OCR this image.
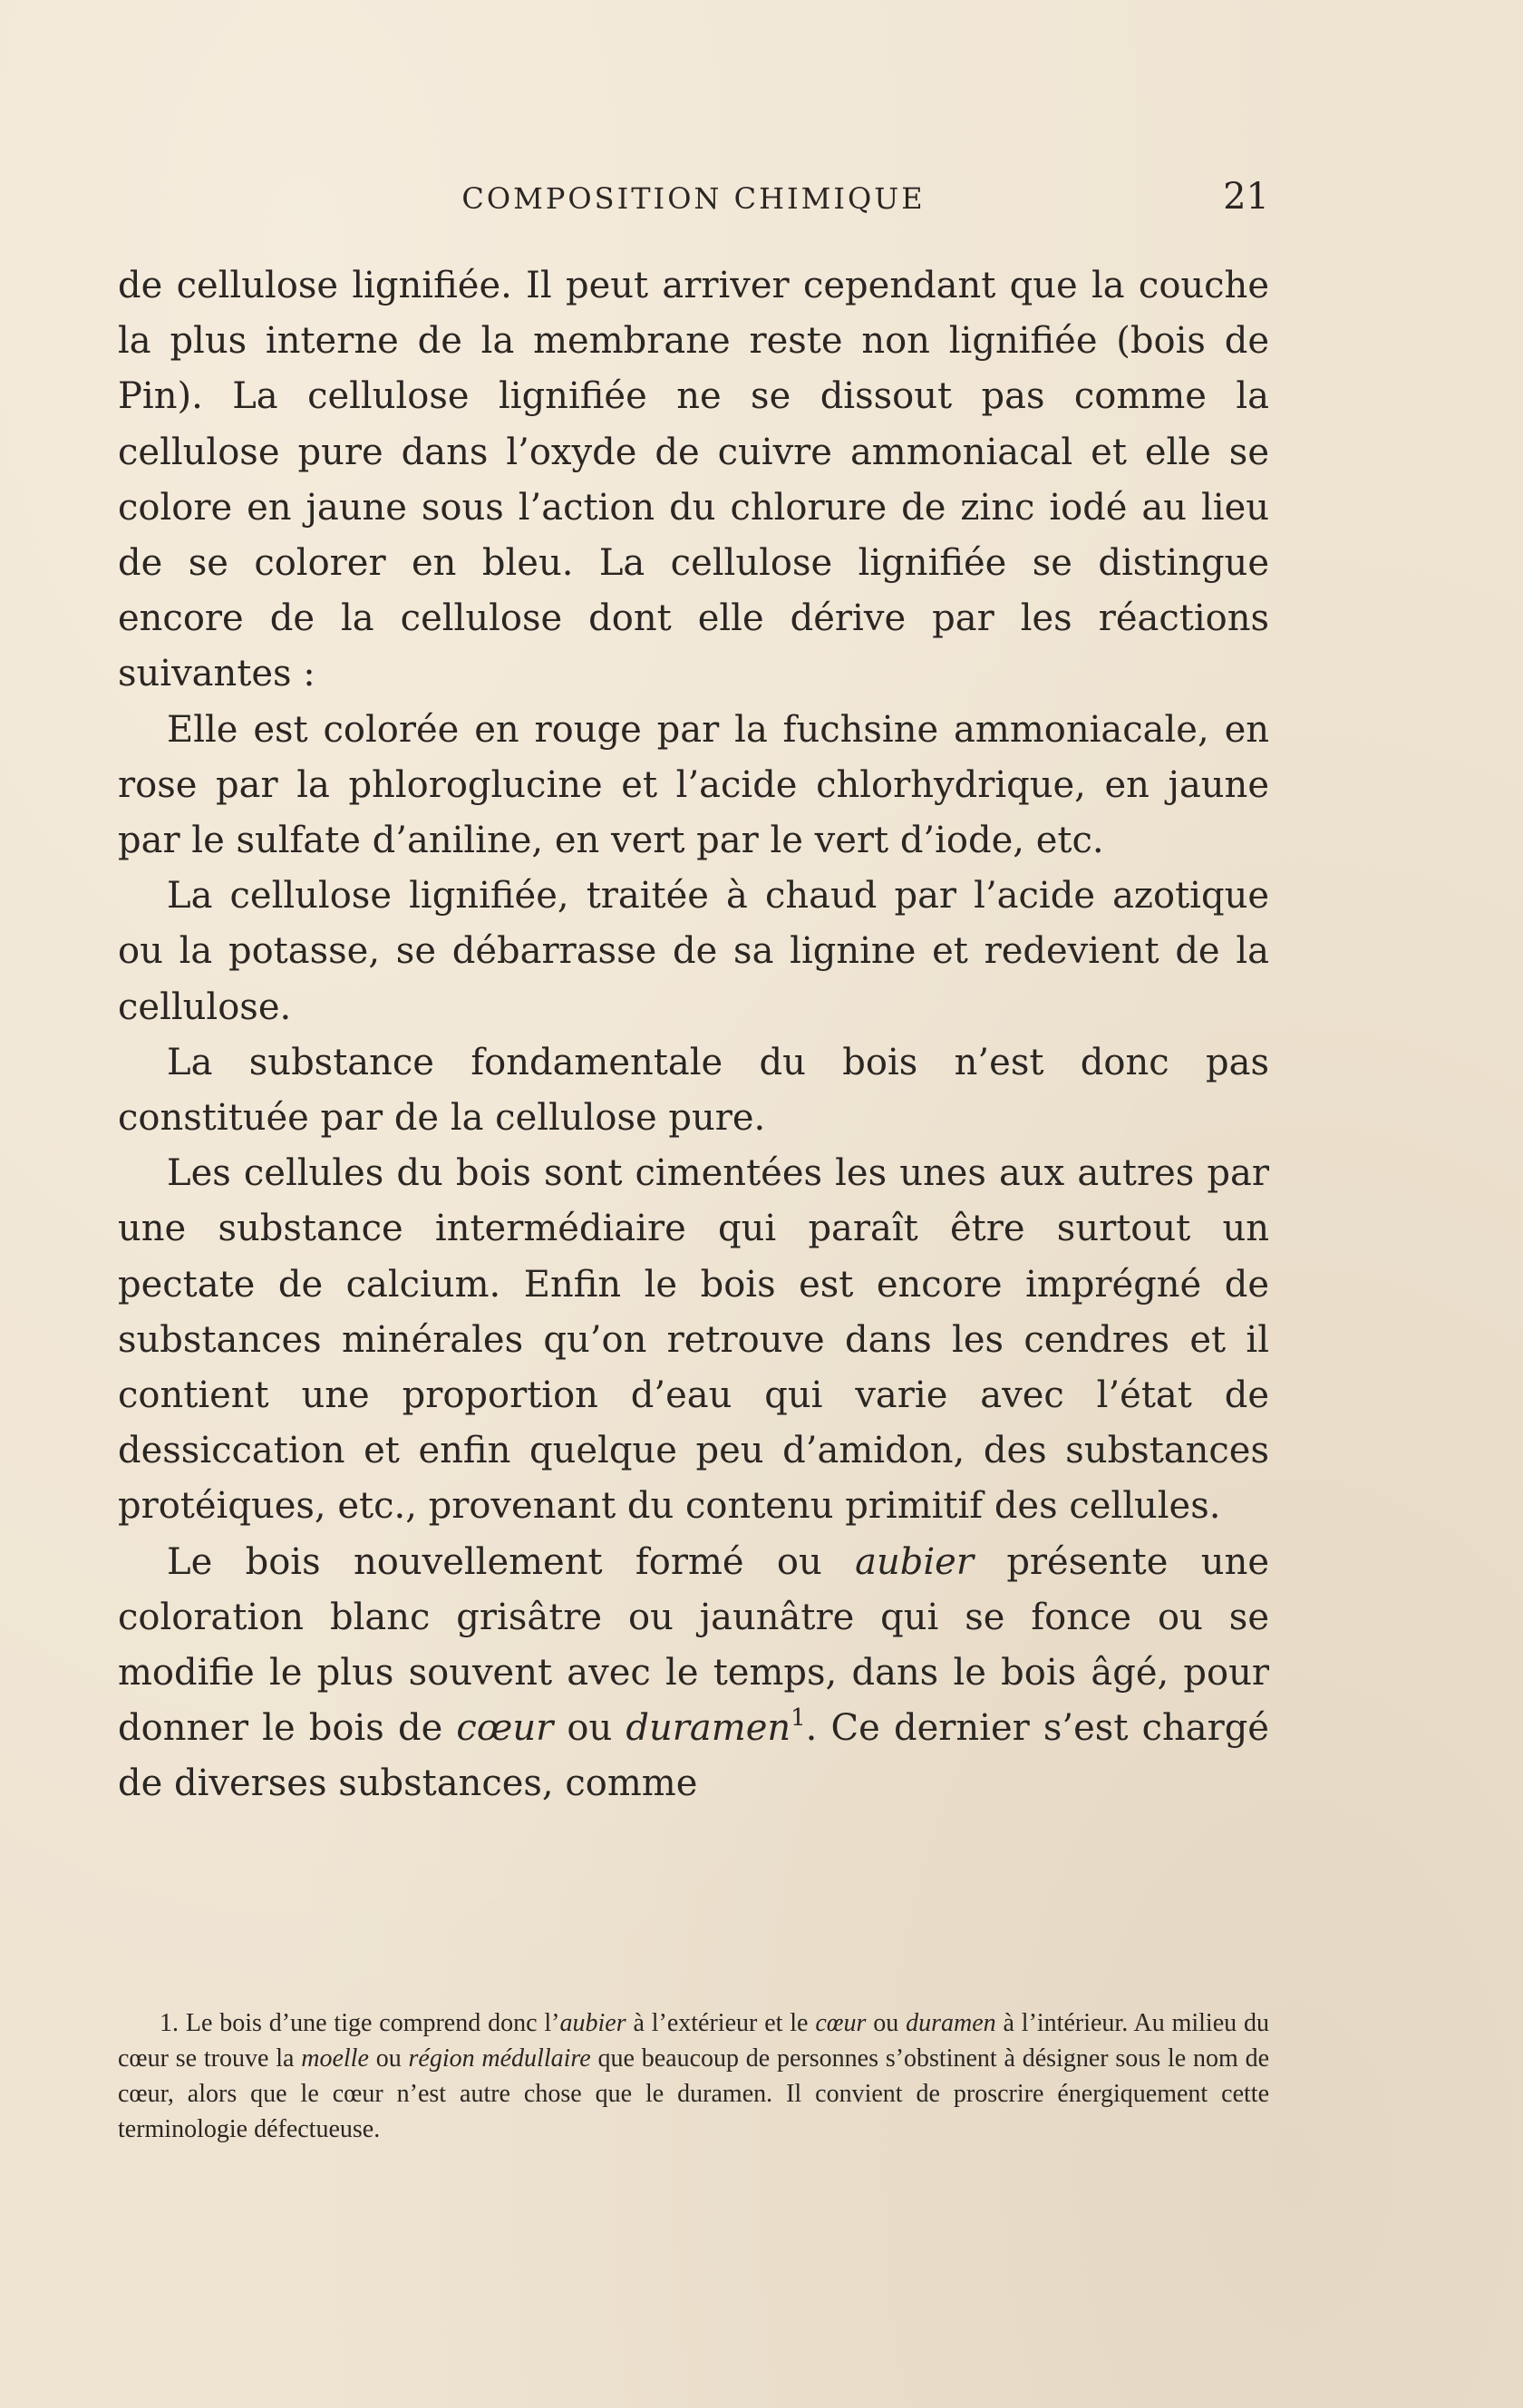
COMPOSITION CHIMIQUE	21

de cellulose lignifiée. Il peut arriver cependant que la couche la plus interne de la membrane reste non lignifiée (bois de Pin). La cellulose lignifiée ne se dissout pas comme la cellulose pure dans l’oxyde de cuivre ammoniacal et elle se colore en jaune sous l’action du chlorure de zinc iodé au lieu de se colorer en bleu. La cellulose lignifiée se distingue encore de la cellulose dont elle dérive par les réactions suivantes :

Elle est colorée en rouge par la fuchsine ammoniacale, en rose par la phloroglucine et l’acide chlorhydrique, en jaune par le sulfate d’aniline, en vert par le vert d’iode, etc.

La cellulose lignifiée, traitée à chaud par l’acide azotique ou la potasse, se débarrasse de sa lignine et redevient de la cellulose.

La substance fondamentale du bois n’est donc pas constituée par de la cellulose pure.

Les cellules du bois sont cimentées les unes aux autres par une substance intermédiaire qui paraît être surtout un pectate de calcium. Enfin le bois est encore imprégné de substances minérales qu’on retrouve dans les cendres et il contient une proportion d’eau qui varie avec l’état de dessiccation et enfin quelque peu d’amidon, des substances protéiques, etc., provenant du contenu primitif des cellules.

Le bois nouvellement formé ou aubier présente une coloration blanc grisâtre ou jaunâtre qui se fonce ou se modifie le plus souvent avec le temps, dans le bois âgé, pour donner le bois de cœur ou duramen$^1$. Ce dernier s’est chargé de diverses substances, comme

1. Le bois d’une tige comprend donc l’aubier à l’extérieur et le cœur ou duramen à l’intérieur. Au milieu du cœur se trouve la moelle ou région médullaire que beaucoup de personnes s’obstinent à désigner sous le nom de cœur, alors que le cœur n’est autre chose que le duramen. Il convient de proscrire énergiquement cette terminologie défectueuse.
